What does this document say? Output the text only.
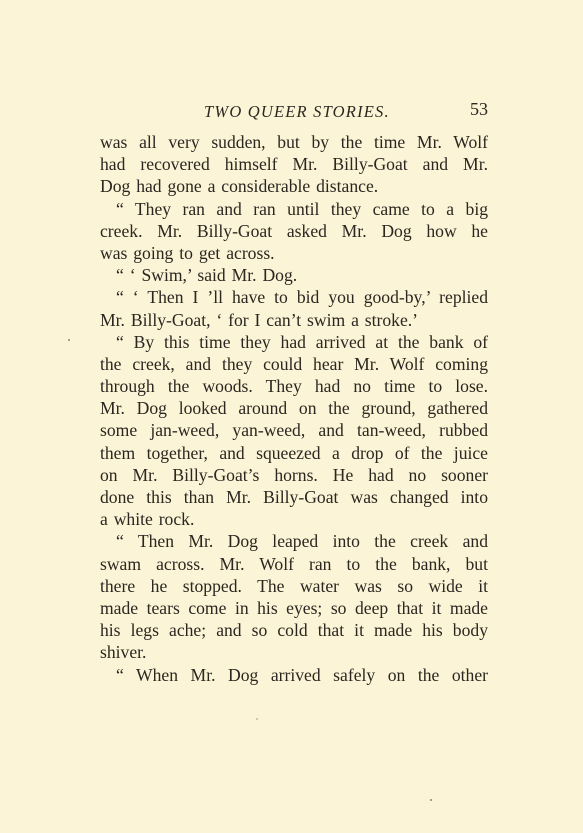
TWO QUEER STORIES.	53
was all very sudden, but by the time Mr. Wolf
had recovered himself Mr. Billy-Goat and Mr.
Dog had gone a considerable distance.
“ They ran and ran until they came to a big
creek. Mr. Billy-Goat asked Mr. Dog how he
was going to get across.
“ ‘ Swim,’ said Mr. Dog.
“ ‘ Then I ’ll have to bid you good-by,’ replied
Mr. Billy-Goat, ‘ for I can’t swim a stroke.’
“ By this time they had arrived at the bank of
the creek, and they could hear Mr. Wolf coming
through the woods. They had no time to lose.
Mr. Dog looked around on the ground, gathered
some jan-weed, yan-weed, and tan-weed, rubbed
them together, and squeezed a drop of the juice
on Mr. Billy-Goat’s horns. He had no sooner
done this than Mr. Billy-Goat was changed into
a white rock.
“ Then Mr. Dog leaped into the creek and
swam across. Mr. Wolf ran to the bank, but
there he stopped. The water was so wide it
made tears come in his eyes; so deep that it made
his legs ache; and so cold that it made his body
shiver.
“ When Mr. Dog arrived safely on the other
